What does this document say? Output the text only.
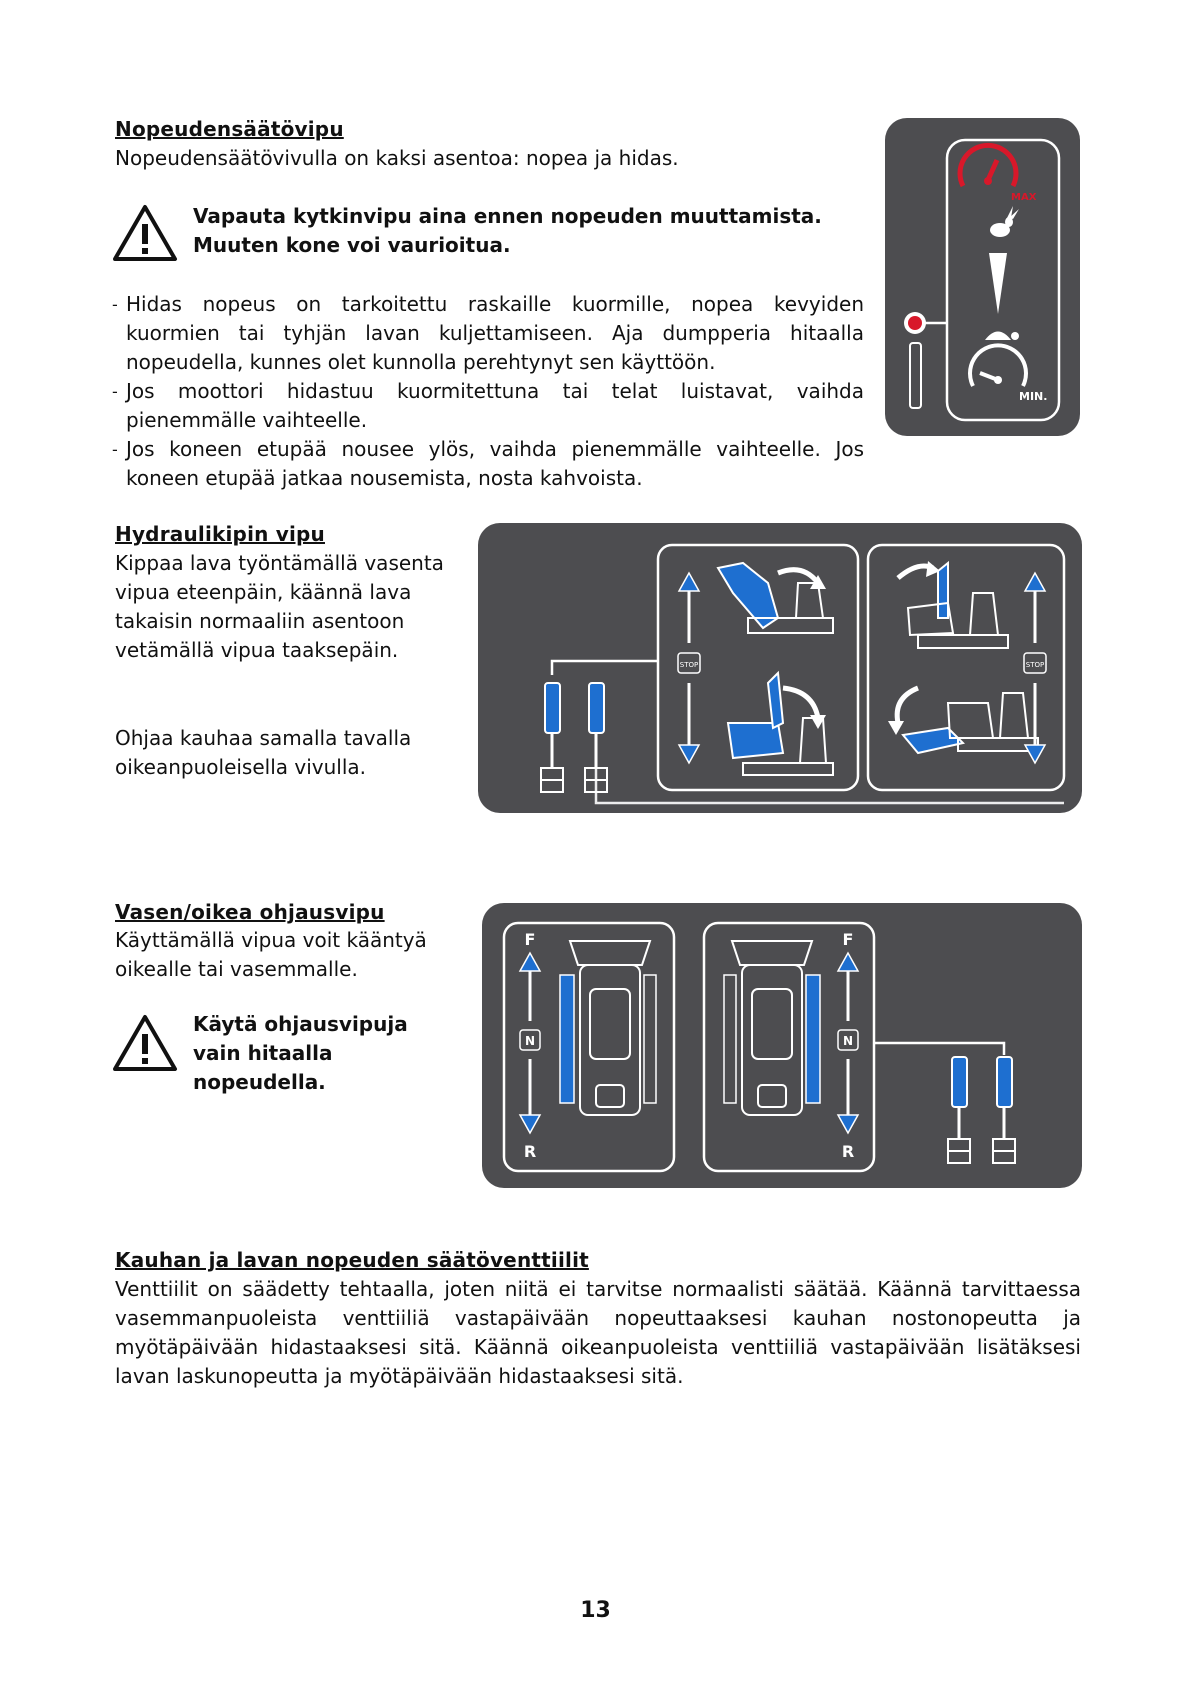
Nopeudensäätövipu
Nopeudensäätövivulla on kaksi asentoa: nopea ja hidas.
Vapauta kytkinvipu aina ennen nopeuden muuttamista.
Muuten kone voi vaurioitua.
- Hidas nopeus on tarkoitettu raskaille kuormille, nopea kevyiden kuormien tai tyhjän lavan kuljettamiseen. Aja dumpperia hitaalla nopeudella, kunnes olet kunnolla perehtynyt sen käyttöön.
- Jos moottori hidastuu kuormitettuna tai telat luistavat, vaihda pienemmälle vaihteelle.
- Jos koneen etupää nousee ylös, vaihda pienemmälle vaihteelle. Jos koneen etupää jatkaa nousemista, nosta kahvoista.
MAX
MIN.
Hydraulikipin vipu
Kippaa lava työntämällä vasenta vipua eteenpäin, käännä lava takaisin normaaliin asentoon vetämällä vipua taaksepäin.
Ohjaa kauhaa samalla tavalla oikeanpuoleisella vivulla.
STOP	STOP
Vasen/oikea ohjausvipu
Käyttämällä vipua voit kääntyä oikealle tai vasemmalle.
Käytä ohjausvipuja
vain hitaalla
nopeudella.
F
N
R
F
N
R
Kauhan ja lavan nopeuden säätöventtiilit
Venttiilit on säädetty tehtaalla, joten niitä ei tarvitse normaalisti säätää. Käännä tarvittaessa vasemmanpuoleista venttiiliä vastapäivään nopeuttaaksesi kauhan nostonopeutta ja myötäpäivään hidastaaksesi sitä. Käännä oikeanpuoleista venttiiliä vastapäivään lisätäksesi lavan laskunopeutta ja myötäpäivään hidastaaksesi sitä.
13
